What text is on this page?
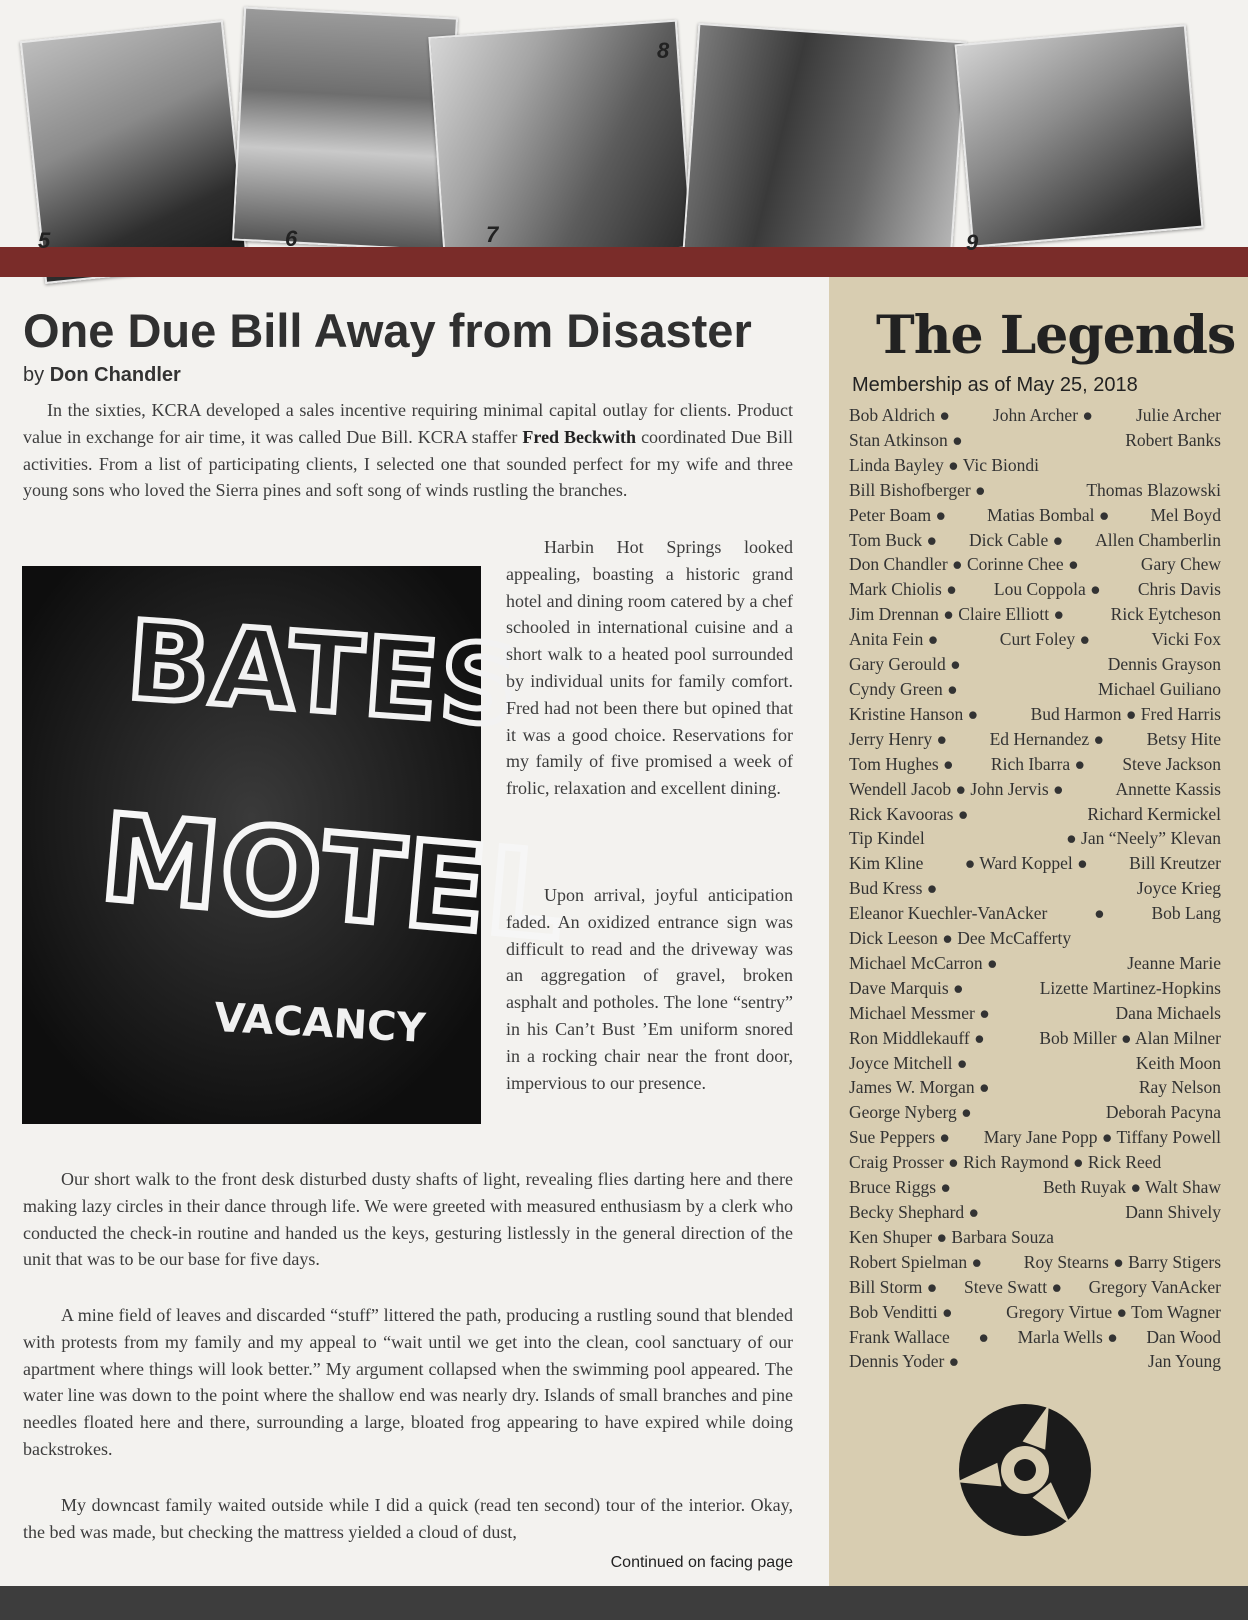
5	6	7
8
9
One Due Bill Away from Disaster
by Don Chandler

In the sixties, KCRA developed a sales incentive requiring minimal capital outlay for clients. Product value in exchange for air time, it was called Due Bill. KCRA staffer Fred Beckwith coordinated Due Bill activities. From a list of participating clients, I selected one that sounded perfect for my wife and three young sons who loved the Sierra pines and soft song of winds rustling the branches.

BATES
MOTEL
VACANCY

Harbin Hot Springs looked appealing, boasting a historic grand hotel and dining room catered by a chef schooled in international cuisine and a short walk to a heated pool surrounded by individual units for family comfort. Fred had not been there but opined that it was a good choice. Reservations for my family of five promised a week of frolic, relaxation and excellent dining.

Upon arrival, joyful anticipation faded. An oxidized entrance sign was difficult to read and the driveway was an aggregation of gravel, broken asphalt and potholes. The lone “sentry” in his Can’t Bust ’Em uniform snored in a rocking chair near the front door, impervious to our presence.

Our short walk to the front desk disturbed dusty shafts of light, revealing flies darting here and there making lazy circles in their dance through life. We were greeted with measured enthusiasm by a clerk who conducted the check-in routine and handed us the keys, gesturing listlessly in the general direction of the unit that was to be our base for five days.

A mine field of leaves and discarded “stuff” littered the path, producing a rustling sound that blended with protests from my family and my appeal to “wait until we get into the clean, cool sanctuary of our apartment where things will look better.” My argument collapsed when the swimming pool appeared. The water line was down to the point where the shallow end was nearly dry. Islands of small branches and pine needles floated here and there, surrounding a large, bloated frog appearing to have expired while doing backstrokes.

My downcast family waited outside while I did a quick (read ten second) tour of the interior. Okay, the bed was made, but checking the mattress yielded a cloud of dust,

Continued on facing page
The Legends
Membership as of May 25, 2018
Bob Aldrich ● John Archer ● Julie Archer
Stan Atkinson ●	Robert Banks
Linda Bayley ● Vic Biondi
Bill Bishofberger ●	Thomas Blazowski
Peter Boam ● Matias Bombal ● Mel Boyd
Tom Buck ● Dick Cable ● Allen Chamberlin
Don Chandler ● Corinne Chee ●	Gary Chew
Mark Chiolis ● Lou Coppola ● Chris Davis
Jim Drennan ● Claire Elliott ●	Rick Eytcheson
Anita Fein ●	Curt Foley ●	Vicki Fox
Gary Gerould ●	Dennis Grayson
Cyndy Green ●	Michael Guiliano
Kristine Hanson ●	Bud Harmon ● Fred Harris
Jerry Henry ● Ed Hernandez ● Betsy Hite
Tom Hughes ● Rich Ibarra ● Steve Jackson
Wendell Jacob ● John Jervis ●	Annette Kassis
Rick Kavooras ●	Richard Kermickel
Tip Kindel	● Jan “Neely” Klevan
Kim Kline ● Ward Koppel ● Bill Kreutzer
Bud Kress ●	Joyce Krieg
Eleanor Kuechler-VanAcker	●	Bob Lang
Dick Leeson ● Dee McCafferty
Michael McCarron ●	Jeanne Marie
Dave Marquis ●	Lizette Martinez-Hopkins
Michael Messmer ●	Dana Michaels
Ron Middlekauff ●	Bob Miller ● Alan Milner
Joyce Mitchell ●	Keith Moon
James W. Morgan ●	Ray Nelson
George Nyberg ●	Deborah Pacyna
Sue Peppers ● Mary Jane Popp ● Tiffany Powell
Craig Prosser ● Rich Raymond ● Rick Reed
Bruce Riggs ●	Beth Ruyak ● Walt Shaw
Becky Shephard ●	Dann Shively
Ken Shuper ● Barbara Souza
Robert Spielman ● Roy Stearns ● Barry Stigers
Bill Storm ● Steve Swatt ● Gregory VanAcker
Bob Venditti ●	Gregory Virtue ● Tom Wagner
Frank Wallace ● Marla Wells ● Dan Wood
Dennis Yoder ●	Jan Young
